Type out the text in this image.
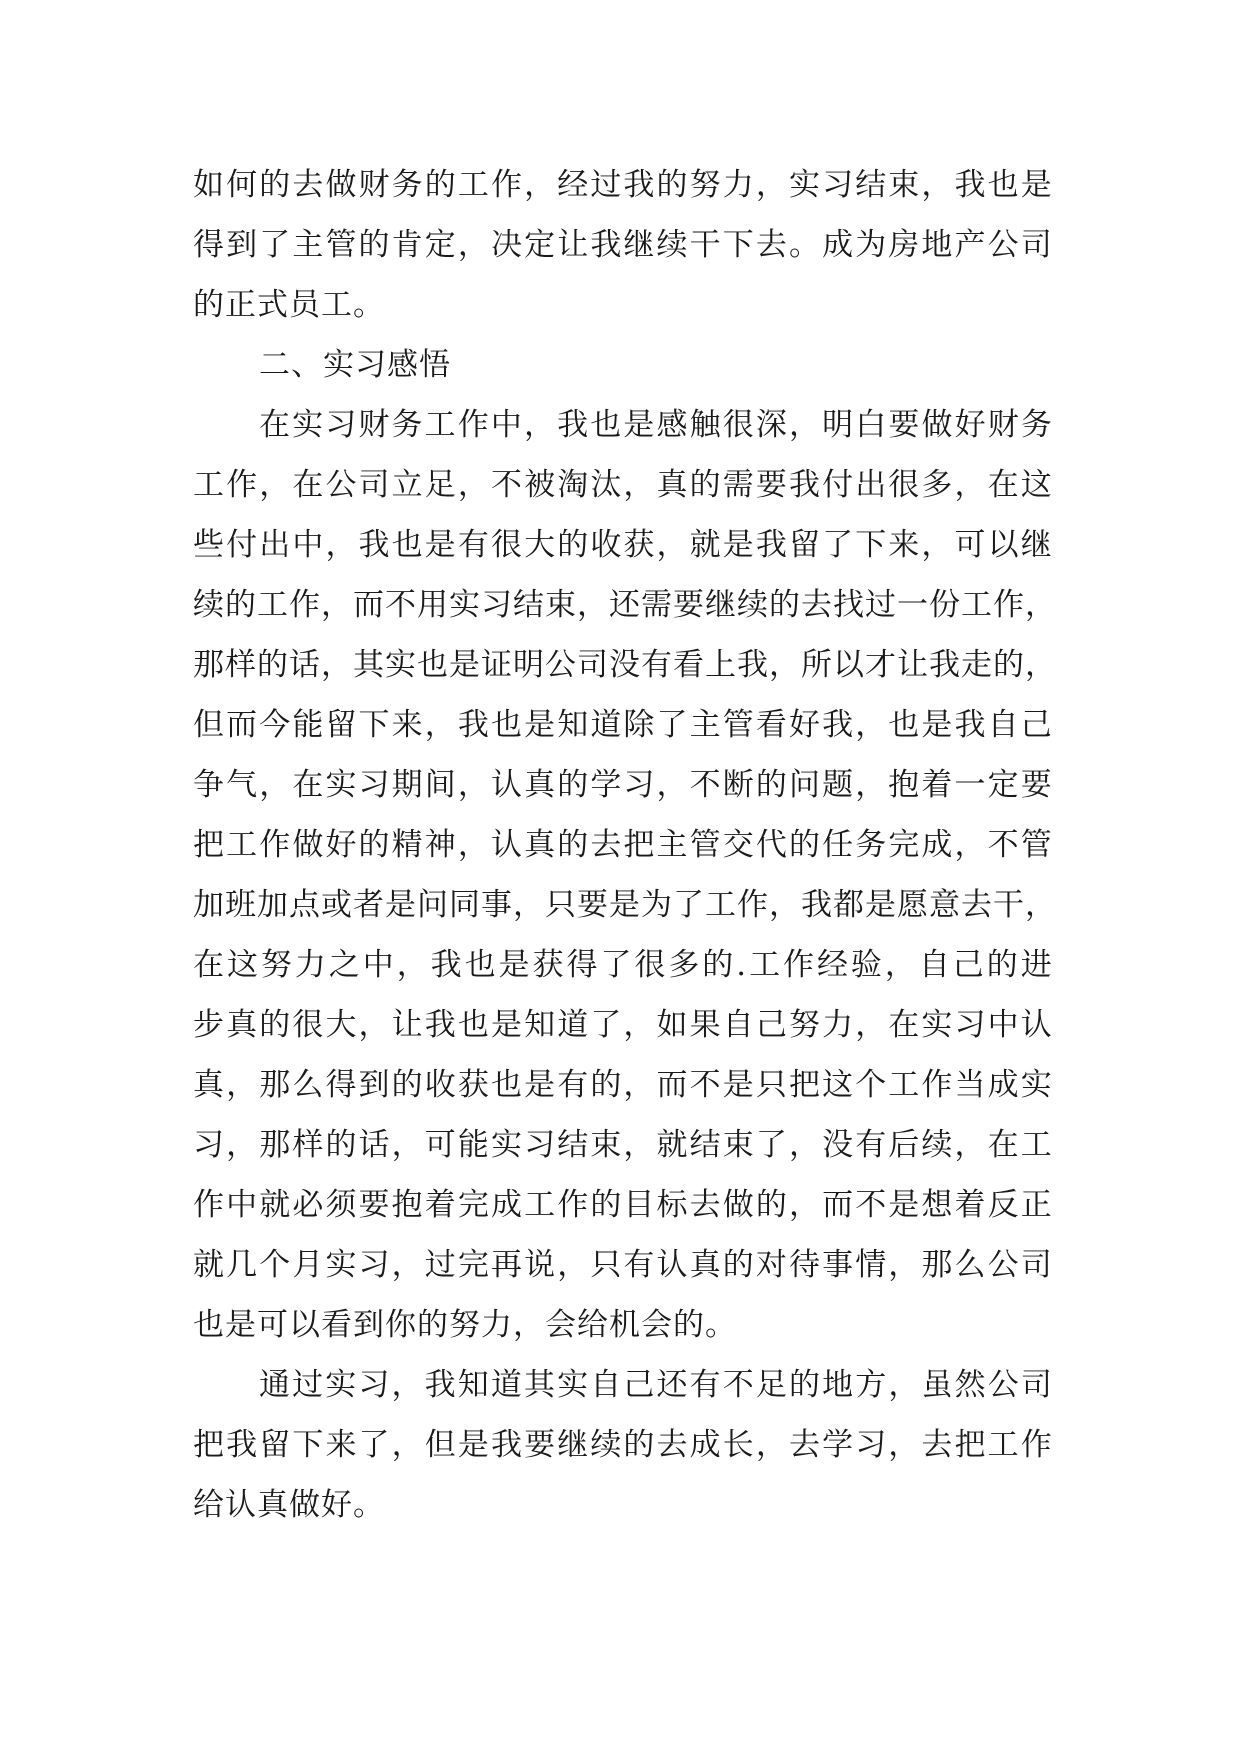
如 何 的 去 做 财 务 的 工 作 ， 经 过 我 的 努 力 ， 实 习 结 束 ， 我 也 是
得 到 了 主 管 的 肯 定 ， 决 定 让 我 继 续 干 下 去 。 成 为 房 地 产 公 司
的正式员工。
二、实习感悟
在 实 习 财 务 工 作 中 ， 我 也 是 感 触 很 深 ， 明 白 要 做 好 财 务
工 作 ， 在 公 司 立 足 ， 不 被 淘 汰 ， 真 的 需 要 我 付 出 很 多 ， 在 这
些 付 出 中 ， 我 也 是 有 很 大 的 收 获 ， 就 是 我 留 了 下 来 ， 可 以 继
续 的 工 作 ， 而 不 用 实 习 结 束 ， 还 需 要 继 续 的 去 找 过 一 份 工 作 ，
那 样 的 话 ， 其 实 也 是 证 明 公 司 没 有 看 上 我 ， 所 以 才 让 我 走 的 ，
但 而 今 能 留 下 来 ， 我 也 是 知 道 除 了 主 管 看 好 我 ， 也 是 我 自 己
争 气 ， 在 实 习 期 间 ， 认 真 的 学 习 ， 不 断 的 问 题 ， 抱 着 一 定 要
把 工 作 做 好 的 精 神 ， 认 真 的 去 把 主 管 交 代 的 任 务 完 成 ， 不 管
加 班 加 点 或 者 是 问 同 事 ， 只 要 是 为 了 工 作 ， 我 都 是 愿 意 去 干 ，
在 这 努 力 之 中 ， 我 也 是 获 得 了 很 多 的 . 工 作 经 验 ， 自 己 的 进
步 真 的 很 大 ， 让 我 也 是 知 道 了 ， 如 果 自 己 努 力 ， 在 实 习 中 认
真 ， 那 么 得 到 的 收 获 也 是 有 的 ， 而 不 是 只 把 这 个 工 作 当 成 实
习 ， 那 样 的 话 ， 可 能 实 习 结 束 ， 就 结 束 了 ， 没 有 后 续 ， 在 工
作 中 就 必 须 要 抱 着 完 成 工 作 的 目 标 去 做 的 ， 而 不 是 想 着 反 正
就 几 个 月 实 习 ， 过 完 再 说 ， 只 有 认 真 的 对 待 事 情 ， 那 么 公 司
也是可以看到你的努力，会给机会的。
通 过 实 习 ， 我 知 道 其 实 自 己 还 有 不 足 的 地 方 ， 虽 然 公 司
把 我 留 下 来 了 ， 但 是 我 要 继 续 的 去 成 长 ， 去 学 习 ， 去 把 工 作
给认真做好。
